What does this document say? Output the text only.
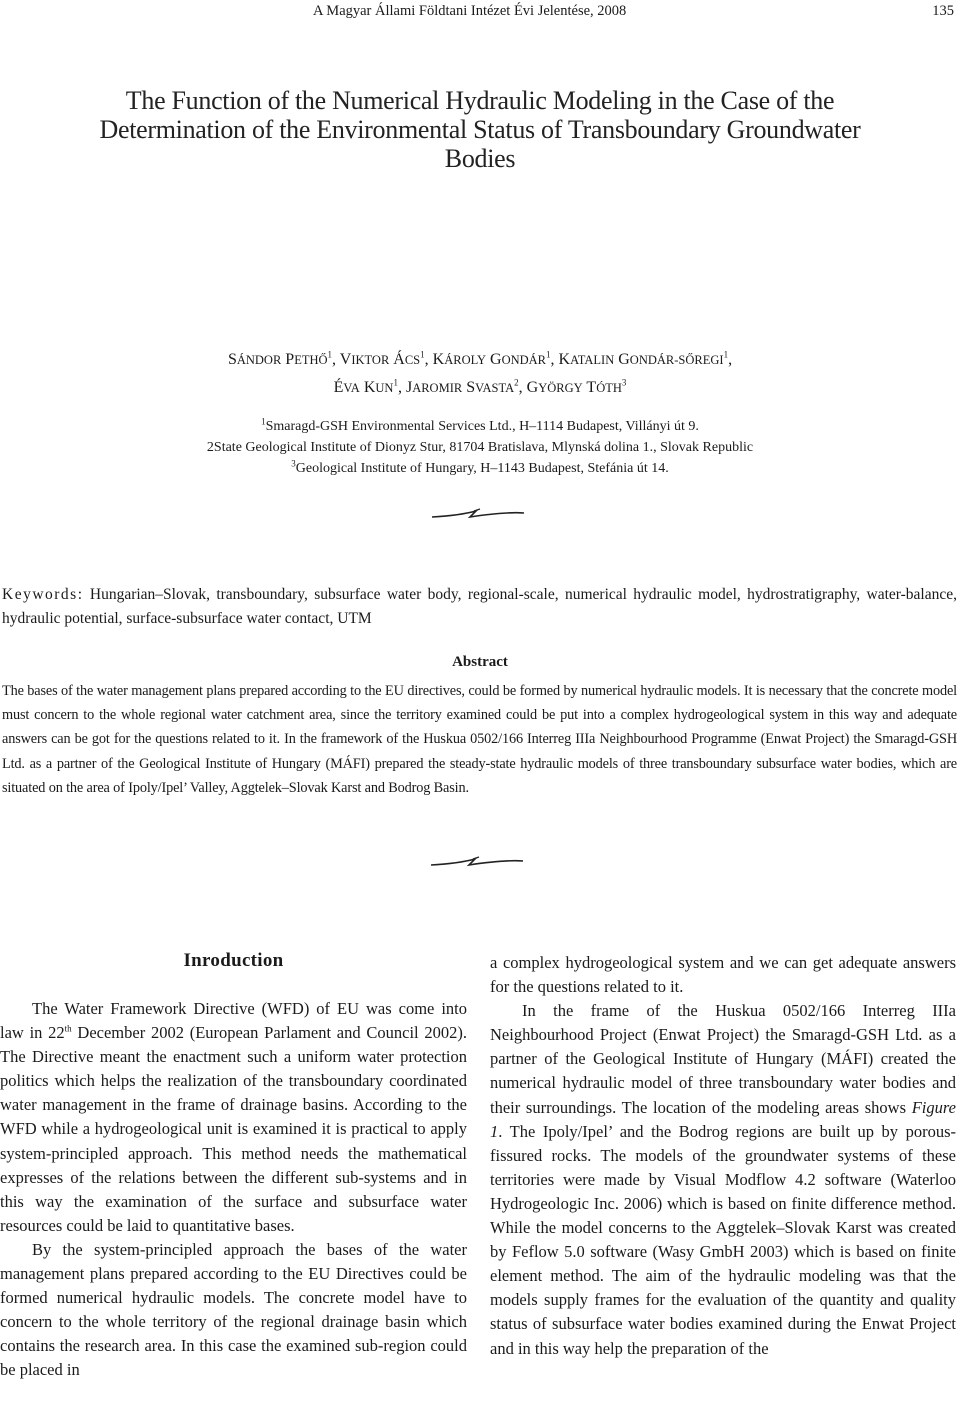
A Magyar Állami Földtani Intézet Évi Jelentése, 2008	135
The Function of the Numerical Hydraulic Modeling in the Case of the
Determination of the Environmental Status of Transboundary Groundwater
Bodies
SÁNDOR PETHŐ$^1$, VIKTOR ÁCS$^1$, KÁROLY GONDÁR$^1$, KATALIN GONDÁR-SŐREGI$^1$,
ÉVA KUN$^1$, JAROMIR SVASTA$^2$, GYÖRGY TÓTH$^3$
$^1$Smaragd-GSH Environmental Services Ltd., H–1114 Budapest, Villányi út 9.
2State Geological Institute of Dionyz Stur, 81704 Bratislava, Mlynská dolina 1., Slovak Republic
$^3$Geological Institute of Hungary, H–1143 Budapest, Stefánia út 14.
Keywords: Hungarian–Slovak, transboundary, subsurface water body, regional-scale, numerical hydraulic model, hydrostratigraphy, water-balance, hydraulic potential, surface-subsurface water contact, UTM
Abstract
The bases of the water management plans prepared according to the EU directives, could be formed by numerical hydraulic models. It is necessary that the concrete model must concern to the whole regional water catchment area, since the territory examined could be put into a complex hydrogeological system in this way and adequate answers can be got for the questions related to it. In the framework of the Huskua 0502/166 Interreg IIIa Neighbourhood Programme (Enwat Project) the Smaragd-GSH Ltd. as a partner of the Geological Institute of Hungary (MÁFI) prepared the steady-state hydraulic models of three transboundary subsurface water bodies, which are situated on the area of Ipoly/Ipel’ Valley, Aggtelek–Slovak Karst and Bodrog Basin.
Inroduction

The Water Framework Directive (WFD) of EU was come into law in 22th December 2002 (European Parlament and Council 2002). The Directive meant the enactment such a uniform water protection politics which helps the realization of the transboundary coordinated water management in the frame of drainage basins. According to the WFD while a hydrogeological unit is examined it is practical to apply system-principled approach. This method needs the mathematical expresses of the relations between the different sub-systems and in this way the examination of the surface and subsurface water resources could be laid to quantitative bases.

By the system-principled approach the bases of the water management plans prepared according to the EU Directives could be formed numerical hydraulic models. The concrete model have to concern to the whole territory of the regional drainage basin which contains the research area. In this case the examined sub-region could be placed in

a complex hydrogeological system and we can get adequate answers for the questions related to it.

In the frame of the Huskua 0502/166 Interreg IIIa Neighbourhood Project (Enwat Project) the Smaragd-GSH Ltd. as a partner of the Geological Institute of Hungary (MÁFI) created the numerical hydraulic model of three transboundary water bodies and their surroundings. The location of the modeling areas shows Figure 1. The Ipoly/Ipel’ and the Bodrog regions are built up by porous-fissured rocks. The models of the groundwater systems of these territories were made by Visual Modflow 4.2 software (Waterloo Hydrogeologic Inc. 2006) which is based on finite difference method. While the model concerns to the Aggtelek–Slovak Karst was created by Feflow 5.0 software (Wasy GmbH 2003) which is based on finite element method. The aim of the hydraulic modeling was that the models supply frames for the evaluation of the quantity and quality status of subsurface water bodies examined during the Enwat Project and in this way help the preparation of the
